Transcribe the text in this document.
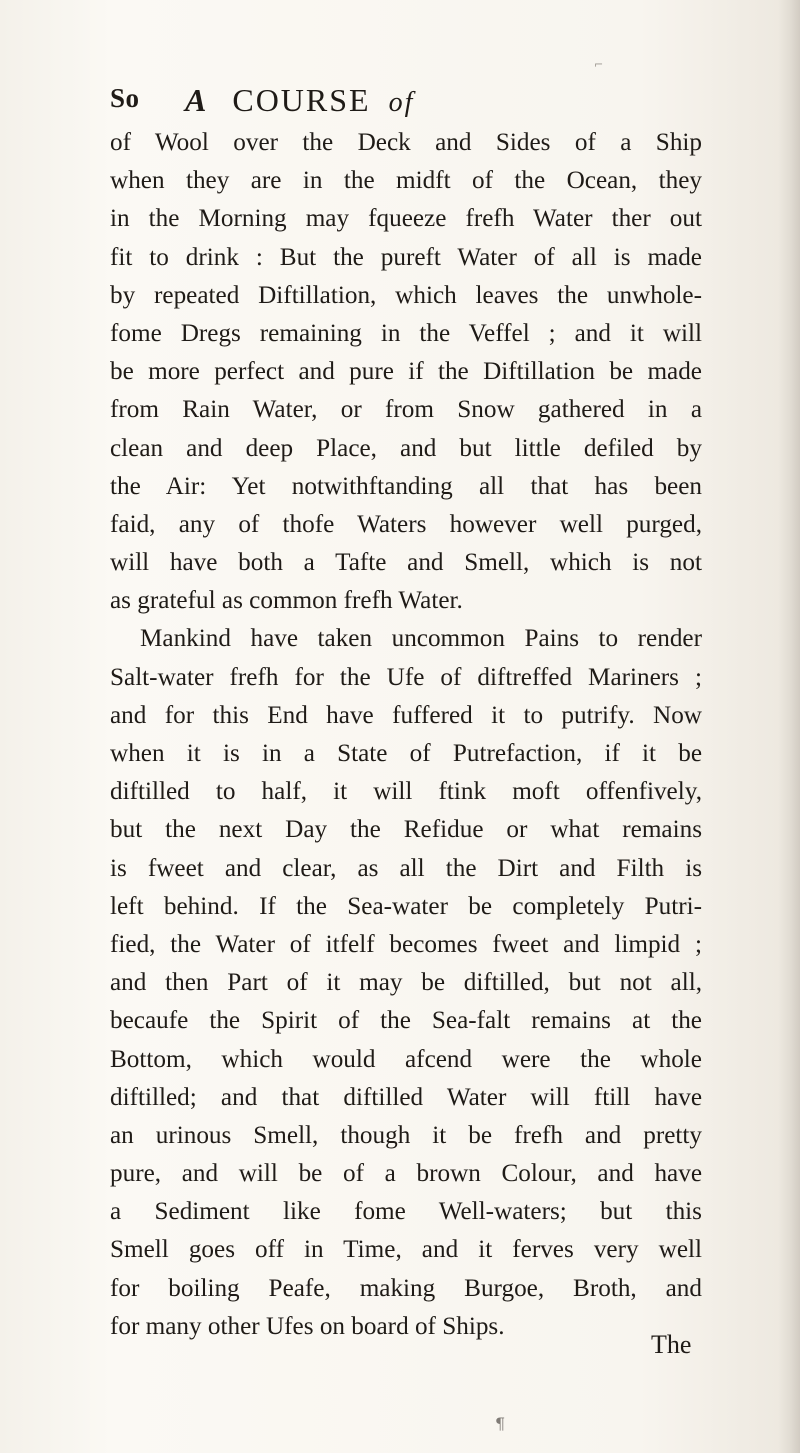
⌐
So A COURSE of
of Wool over the Deck and Sides of a Ship
when they are in the midft of the Ocean, they
in the Morning may fqueeze frefh Water ther out
fit to drink : But the pureft Water of all is made
by repeated Diftillation, which leaves the unwhole-
fome Dregs remaining in the Veffel ; and it will
be more perfect and pure if the Diftillation be made
from Rain Water, or from Snow gathered in a
clean and deep Place, and but little defiled by
the Air: Yet notwithftanding all that has been
faid, any of thofe Waters however well purged,
will have both a Tafte and Smell, which is not
as grateful as common frefh Water.
Mankind have taken uncommon Pains to render
Salt-water frefh for the Ufe of diftreffed Mariners ;
and for this End have fuffered it to putrify. Now
when it is in a State of Putrefaction, if it be
diftilled to half, it will ftink moft offenfively,
but the next Day the Refidue or what remains
is fweet and clear, as all the Dirt and Filth is
left behind. If the Sea-water be completely Putri-
fied, the Water of itfelf becomes fweet and limpid ;
and then Part of it may be diftilled, but not all,
becaufe the Spirit of the Sea-falt remains at the
Bottom, which would afcend were the whole
diftilled; and that diftilled Water will ftill have
an urinous Smell, though it be frefh and pretty
pure, and will be of a brown Colour, and have
a Sediment like fome Well-waters; but this
Smell goes off in Time, and it ferves very well
for boiling Peafe, making Burgoe, Broth, and
for many other Ufes on board of Ships.
The
¶
